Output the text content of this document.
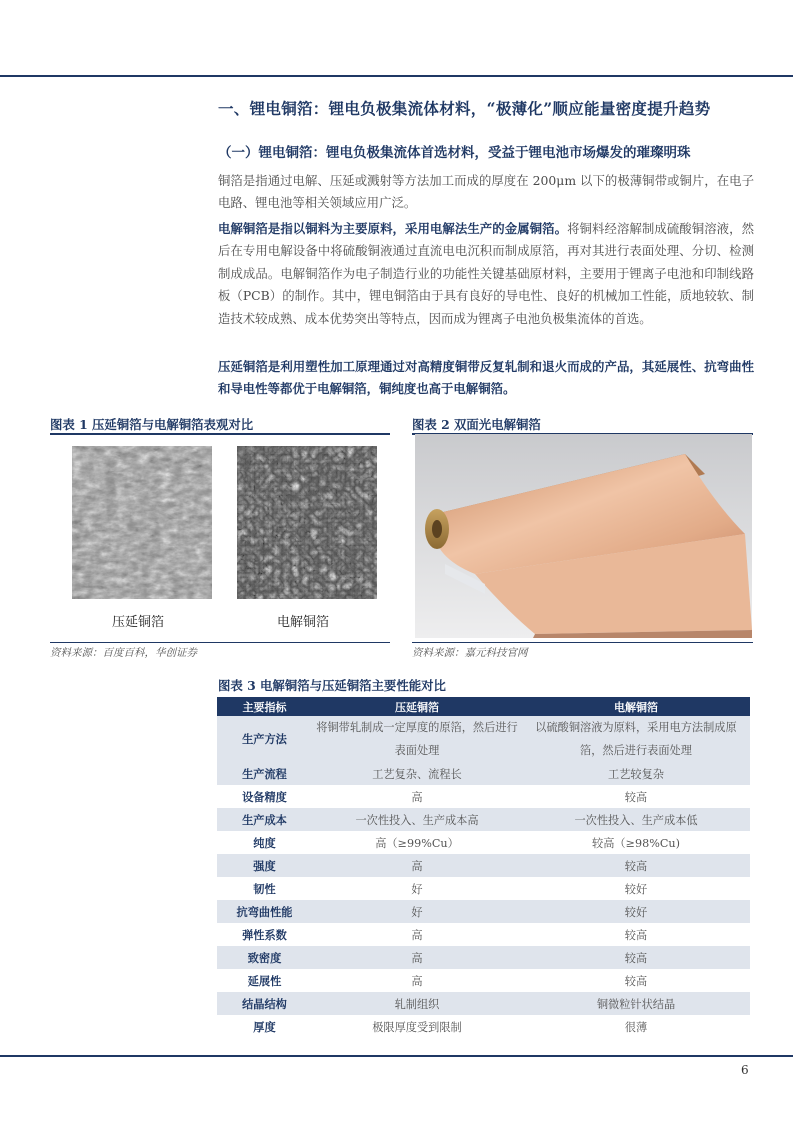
一、锂电铜箔：锂电负极集流体材料，“极薄化”顺应能量密度提升趋势
（一）锂电铜箔：锂电负极集流体首选材料，受益于锂电池市场爆发的璀璨明珠

铜箔是指通过电解、压延或溅射等方法加工而成的厚度在 200μm 以下的极薄铜带或铜片，在电子电路、锂电池等相关领域应用广泛。

电解铜箔是指以铜料为主要原料，采用电解法生产的金属铜箔。将铜料经溶解制成硫酸铜溶液，然后在专用电解设备中将硫酸铜液通过直流电电沉积而制成原箔，再对其进行表面处理、分切、检测制成成品。电解铜箔作为电子制造行业的功能性关键基础原材料，主要用于锂离子电池和印制线路板（PCB）的制作。其中，锂电铜箔由于具有良好的导电性、良好的机械加工性能，质地较软、制造技术较成熟、成本优势突出等特点，因而成为锂离子电池负极集流体的首选。

压延铜箔是利用塑性加工原理通过对高精度铜带反复轧制和退火而成的产品，其延展性、抗弯曲性和导电性等都优于电解铜箔，铜纯度也高于电解铜箔。

图表 1 压延铜箔与电解铜箔表观对比
压延铜箔	电解铜箔
资料来源：百度百科，华创证券
图表 2 双面光电解铜箔
资料来源：嘉元科技官网
图表 3 电解铜箔与压延铜箔主要性能对比
主要指标	压延铜箔	电解铜箔
生产方法	将铜带轧制成一定厚度的原箔，然后进行表面处理	以硫酸铜溶液为原料，采用电方法制成原箔，然后进行表面处理
生产流程	工艺复杂、流程长	工艺较复杂
设备精度	高	较高
生产成本	一次性投入、生产成本高	一次性投入、生产成本低
纯度	高（≥99%Cu）	较高（≥98%Cu)
强度	高	较高
韧性	好	较好
抗弯曲性能	好	较好
弹性系数	高	较高
致密度	高	较高
延展性	高	较高
结晶结构	轧制组织	铜微粒针状结晶
厚度	极限厚度受到限制	很薄
6
